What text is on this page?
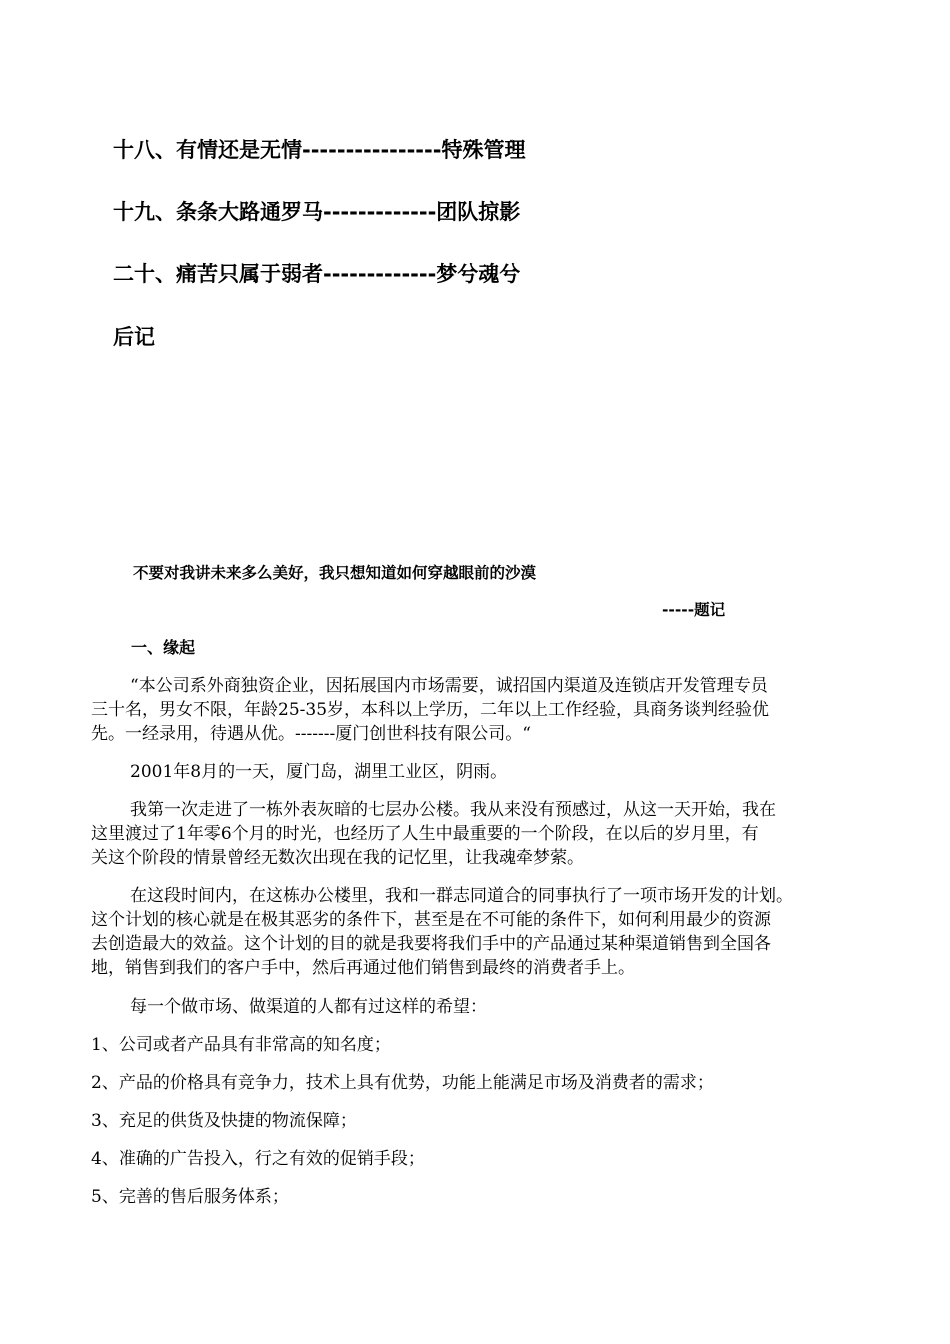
十八、有情还是无情----------------特殊管理
十九、条条大路通罗马-------------团队掠影
二十、痛苦只属于弱者-------------梦兮魂兮
后记
不要对我讲未来多么美好，我只想知道如何穿越眼前的沙漠
-----题记
一、缘起
“本公司系外商独资企业，因拓展国内市场需要，诚招国内渠道及连锁店开发管理专员
三十名，男女不限，年龄25-35岁，本科以上学历，二年以上工作经验，具商务谈判经验优
先。一经录用，待遇从优。-------厦门创世科技有限公司。“
2001年8月的一天，厦门岛，湖里工业区，阴雨。
我第一次走进了一栋外表灰暗的七层办公楼。我从来没有预感过，从这一天开始，我在
这里渡过了1年零6个月的时光，也经历了人生中最重要的一个阶段，在以后的岁月里，有
关这个阶段的情景曾经无数次出现在我的记忆里，让我魂牵梦萦。
在这段时间内，在这栋办公楼里，我和一群志同道合的同事执行了一项市场开发的计划。
这个计划的核心就是在极其恶劣的条件下，甚至是在不可能的条件下，如何利用最少的资源
去创造最大的效益。这个计划的目的就是我要将我们手中的产品通过某种渠道销售到全国各
地，销售到我们的客户手中，然后再通过他们销售到最终的消费者手上。
每一个做市场、做渠道的人都有过这样的希望：
1、公司或者产品具有非常高的知名度；
2、产品的价格具有竞争力，技术上具有优势，功能上能满足市场及消费者的需求；
3、充足的供货及快捷的物流保障；
4、准确的广告投入，行之有效的促销手段；
5、完善的售后服务体系；
